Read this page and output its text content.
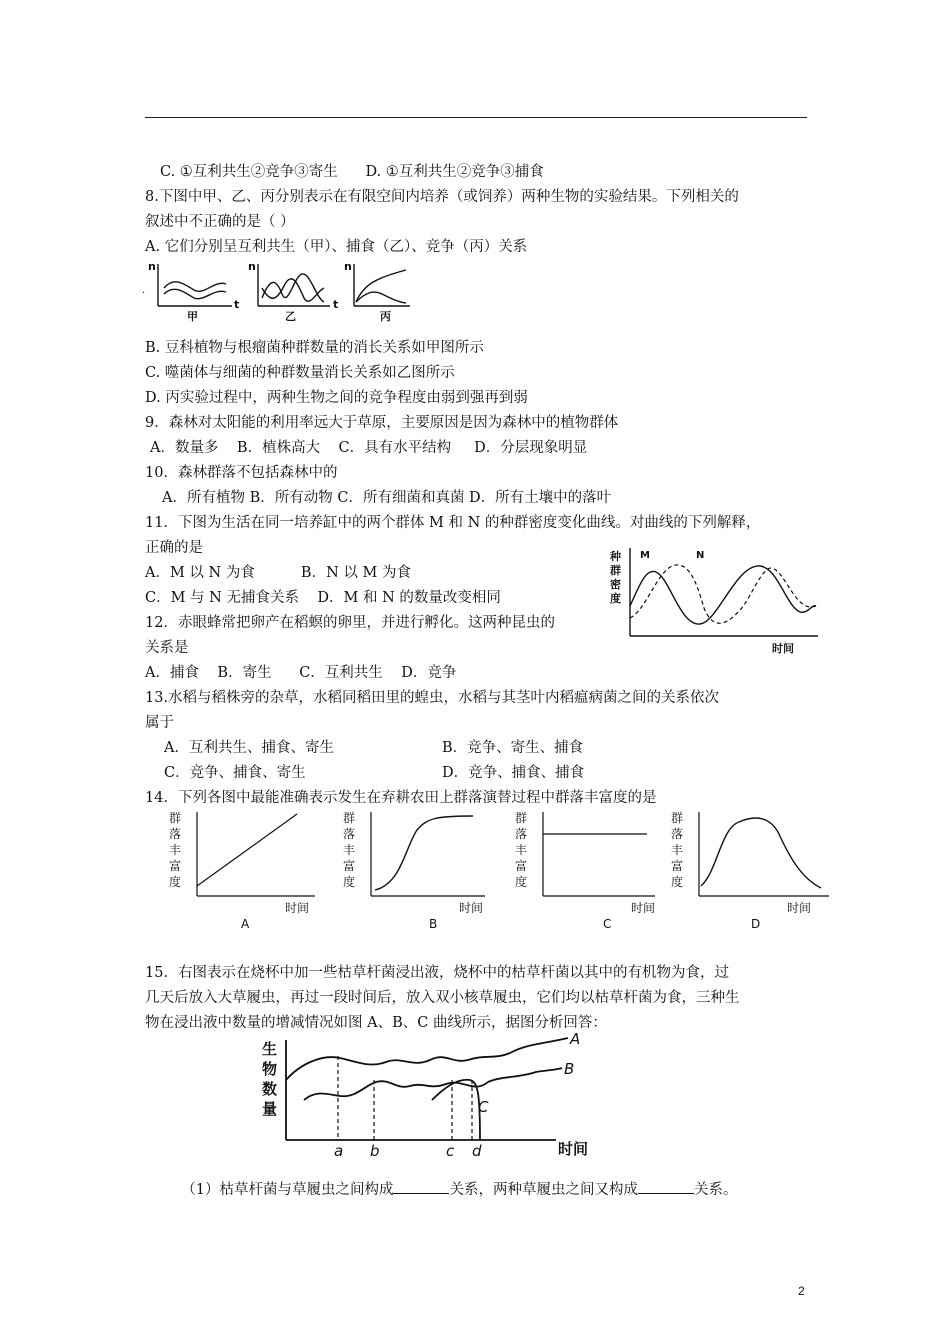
C. ①互利共生②竞争③寄生      D. ①互利共生②竞争③捕食
8.下图中甲、乙、丙分别表示在有限空间内培养（或饲养）两种生物的实验结果。下列相关的
叙述中不正确的是（ ）
A. 它们分别呈互利共生（甲）、捕食（乙）、竞争（丙）关系
.
n
t
甲
n
t
乙
n
丙
B. 豆科植物与根瘤菌种群数量的消长关系如甲图所示
C. 噬菌体与细菌的种群数量消长关系如乙图所示
D. 丙实验过程中，两种生物之间的竞争程度由弱到强再到弱
9．森林对太阳能的利用率远大于草原，主要原因是因为森林中的植物群体
A．数量多    B．植株高大    C．具有水平结构     D．分层现象明显
10．森林群落不包括森林中的
A．所有植物 B．所有动物 C．所有细菌和真菌 D．所有土壤中的落叶
11．下图为生活在同一培养缸中的两个群体 M 和 N 的种群密度变化曲线。对曲线的下列解释，
正确的是
A．M 以 N 为食          B．N 以 M 为食
C．M 与 N 无捕食关系    D．M 和 N 的数量改变相同
12．赤眼蜂常把卵产在稻螟的卵里，并进行孵化。这两种昆虫的
关系是
A．捕食    B．寄生      C．互利共生    D．竞争
种
群
密
度
M	N
时间
13.水稻与稻株旁的杂草，水稻同稻田里的蝗虫，水稻与其茎叶内稻瘟病菌之间的关系依次
属于
A．互利共生、捕食、寄生	B．竞争、寄生、捕食
C．竞争、捕食、寄生	D．竞争、捕食、捕食
14．下列各图中最能准确表示发生在弃耕农田上群落演替过程中群落丰富度的是
群
落
丰
富
度
时间
A
群
落
丰
富
度
时间
B
群
落
丰
富
度
时间
C
群
落
丰
富
度
时间
D
15．右图表示在烧杯中加一些枯草杆菌浸出液，烧杯中的枯草杆菌以其中的有机物为食，过
几天后放入大草履虫，再过一段时间后，放入双小核草履虫，它们均以枯草杆菌为食，三种生
物在浸出液中数量的增减情况如图 A、B、C 曲线所示，据图分析回答：
生
物
数
量
A
B
C
a b	c d	时间

（1）枯草杆菌与草履虫之间构成	关系，两种草履虫之间又构成	关系。

2
